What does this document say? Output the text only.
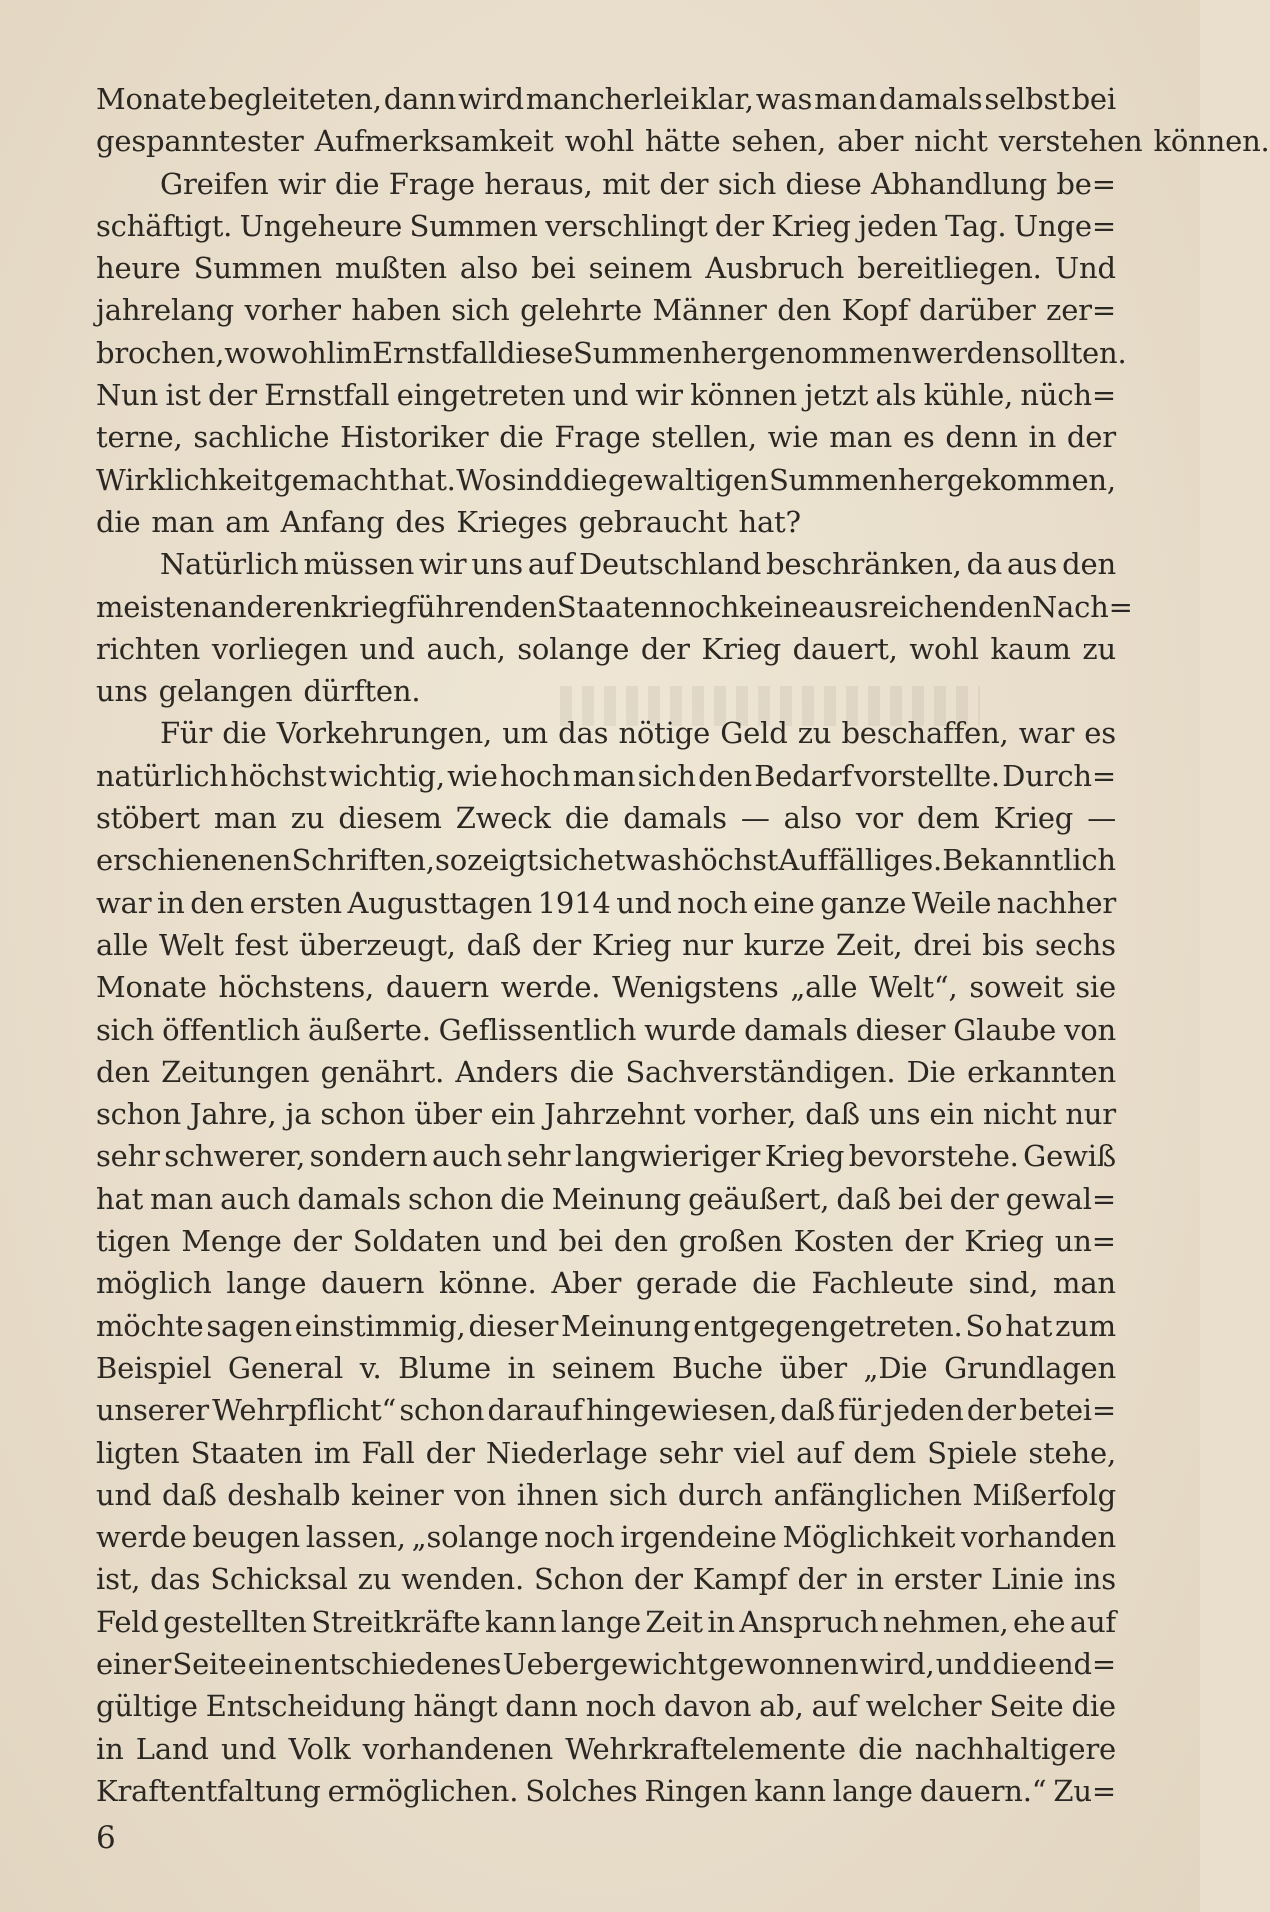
Monate begleiteten, dann wird mancherlei klar, was man damals selbst bei
gespanntester Aufmerksamkeit wohl hätte sehen, aber nicht verstehen können.
Greifen wir die Frage heraus, mit der sich diese Abhandlung be=
schäftigt. Ungeheure Summen verschlingt der Krieg jeden Tag. Unge=
heure Summen mußten also bei seinem Ausbruch bereitliegen. Und
jahrelang vorher haben sich gelehrte Männer den Kopf darüber zer=
brochen, wo wohl im Ernstfall diese Summen hergenommen werden sollten.
Nun ist der Ernstfall eingetreten und wir können jetzt als kühle, nüch=
terne, sachliche Historiker die Frage stellen, wie man es denn in der
Wirklichkeit gemacht hat. Wo sind die gewaltigen Summen hergekommen,
die man am Anfang des Krieges gebraucht hat?
Natürlich müssen wir uns auf Deutschland beschränken, da aus den
meisten anderen kriegführenden Staaten noch keine ausreichenden Nach=
richten vorliegen und auch, solange der Krieg dauert, wohl kaum zu
uns gelangen dürften.
Für die Vorkehrungen, um das nötige Geld zu beschaffen, war es
natürlich höchst wichtig, wie hoch man sich den Bedarf vorstellte. Durch=
stöbert man zu diesem Zweck die damals — also vor dem Krieg —
erschienenen Schriften, so zeigt sich etwas höchst Auffälliges. Bekanntlich
war in den ersten Augusttagen 1914 und noch eine ganze Weile nachher
alle Welt fest überzeugt, daß der Krieg nur kurze Zeit, drei bis sechs
Monate höchstens, dauern werde. Wenigstens „alle Welt“, soweit sie
sich öffentlich äußerte. Geflissentlich wurde damals dieser Glaube von
den Zeitungen genährt. Anders die Sachverständigen. Die erkannten
schon Jahre, ja schon über ein Jahrzehnt vorher, daß uns ein nicht nur
sehr schwerer, sondern auch sehr langwieriger Krieg bevorstehe. Gewiß
hat man auch damals schon die Meinung geäußert, daß bei der gewal=
tigen Menge der Soldaten und bei den großen Kosten der Krieg un=
möglich lange dauern könne. Aber gerade die Fachleute sind, man
möchte sagen einstimmig, dieser Meinung entgegengetreten. So hat zum
Beispiel General v. Blume in seinem Buche über „Die Grundlagen
unserer Wehrpflicht“ schon darauf hingewiesen, daß für jeden der betei=
ligten Staaten im Fall der Niederlage sehr viel auf dem Spiele stehe,
und daß deshalb keiner von ihnen sich durch anfänglichen Mißerfolg
werde beugen lassen, „solange noch irgendeine Möglichkeit vorhanden
ist, das Schicksal zu wenden. Schon der Kampf der in erster Linie ins
Feld gestellten Streitkräfte kann lange Zeit in Anspruch nehmen, ehe auf
einer Seite ein entschiedenes Uebergewicht gewonnen wird, und die end=
gültige Entscheidung hängt dann noch davon ab, auf welcher Seite die
in Land und Volk vorhandenen Wehrkraftelemente die nachhaltigere
Kraftentfaltung ermöglichen. Solches Ringen kann lange dauern.“ Zu=
6
